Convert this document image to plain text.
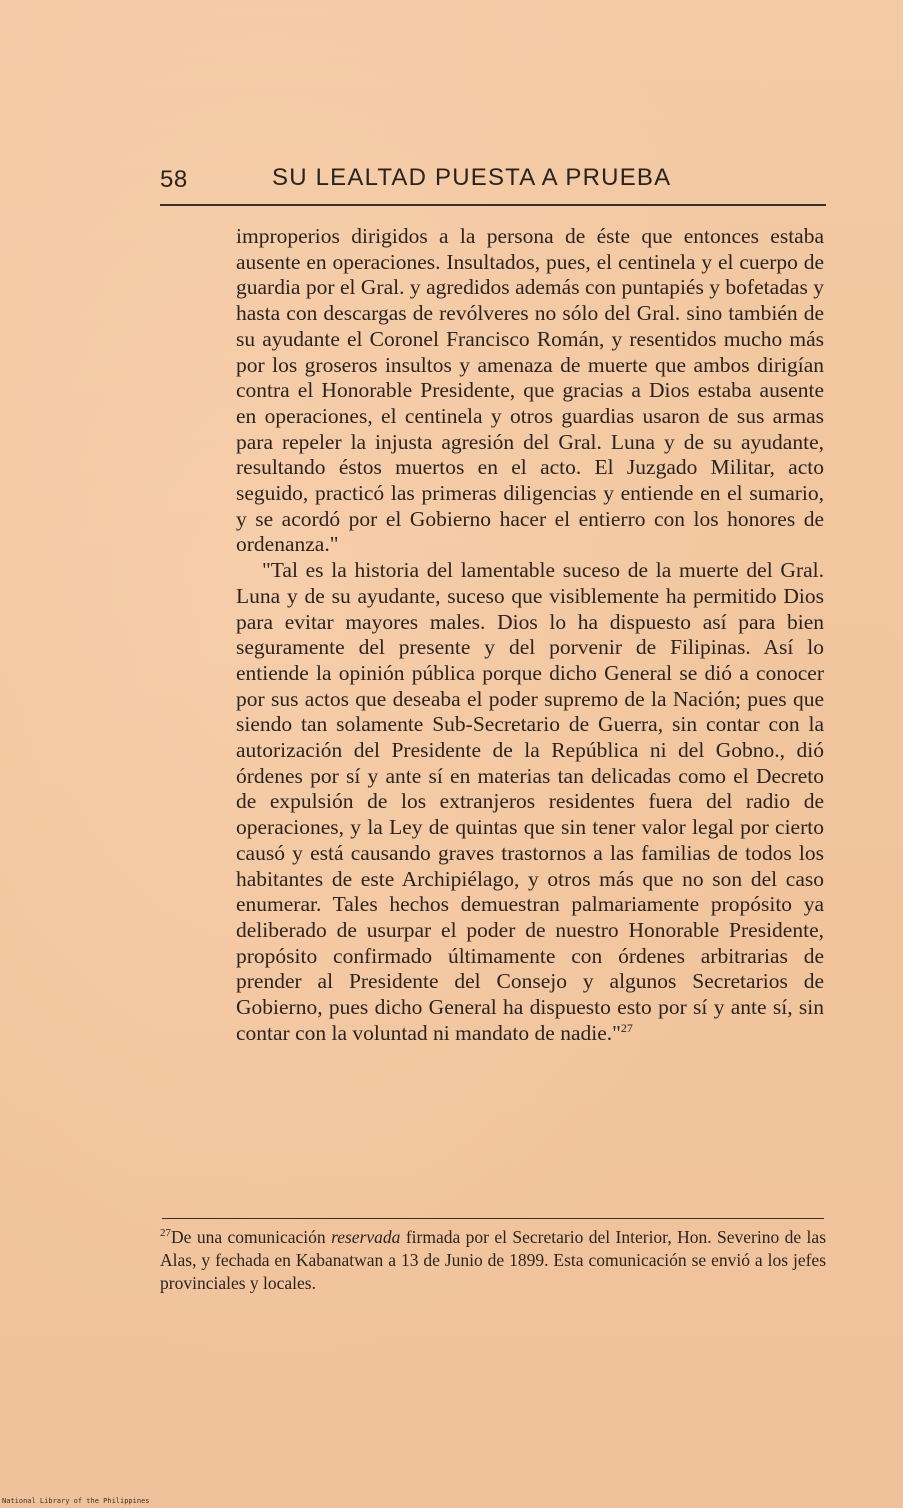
58	SU LEALTAD PUESTA A PRUEBA

improperios dirigidos a la persona de éste que entonces estaba ausente en operaciones. Insultados, pues, el centinela y el cuerpo de guardia por el Gral. y agredidos además con puntapiés y bofetadas y hasta con descargas de revólveres no sólo del Gral. sino también de su ayudante el Coronel Francisco Román, y resentidos mucho más por los groseros insultos y amenaza de muerte que ambos dirigían contra el Honorable Presidente, que gracias a Dios estaba ausente en operaciones, el centinela y otros guardias usaron de sus armas para repeler la injusta agresión del Gral. Luna y de su ayudante, resultando éstos muertos en el acto. El Juzgado Militar, acto seguido, practicó las primeras diligencias y entiende en el sumario, y se acordó por el Gobierno hacer el entierro con los honores de ordenanza."

"Tal es la historia del lamentable suceso de la muerte del Gral. Luna y de su ayudante, suceso que visiblemente ha permitido Dios para evitar mayores males. Dios lo ha dispuesto así para bien seguramente del presente y del porvenir de Filipinas. Así lo entiende la opinión pública porque dicho General se dió a conocer por sus actos que deseaba el poder supremo de la Nación; pues que siendo tan solamente Sub-Secretario de Guerra, sin contar con la autorización del Presidente de la República ni del Gobno., dió órdenes por sí y ante sí en materias tan delicadas como el Decreto de expulsión de los extranjeros residentes fuera del radio de operaciones, y la Ley de quintas que sin tener valor legal por cierto causó y está causando graves trastornos a las familias de todos los habitantes de este Archipiélago, y otros más que no son del caso enumerar. Tales hechos demuestran palmariamente propósito ya deliberado de usurpar el poder de nuestro Honorable Presidente, propósito confirmado últimamente con órdenes arbitrarias de prender al Presidente del Consejo y algunos Secretarios de Gobierno, pues dicho General ha dispuesto esto por sí y ante sí, sin contar con la voluntad ni mandato de nadie."$^{27}$

$^{27}$De una comunicación reservada firmada por el Secretario del Interior, Hon. Severino de las Alas, y fechada en Kabanatwan a 13 de Junio de 1899. Esta comunicación se envió a los jefes provinciales y locales.

National Library of the Philippines
